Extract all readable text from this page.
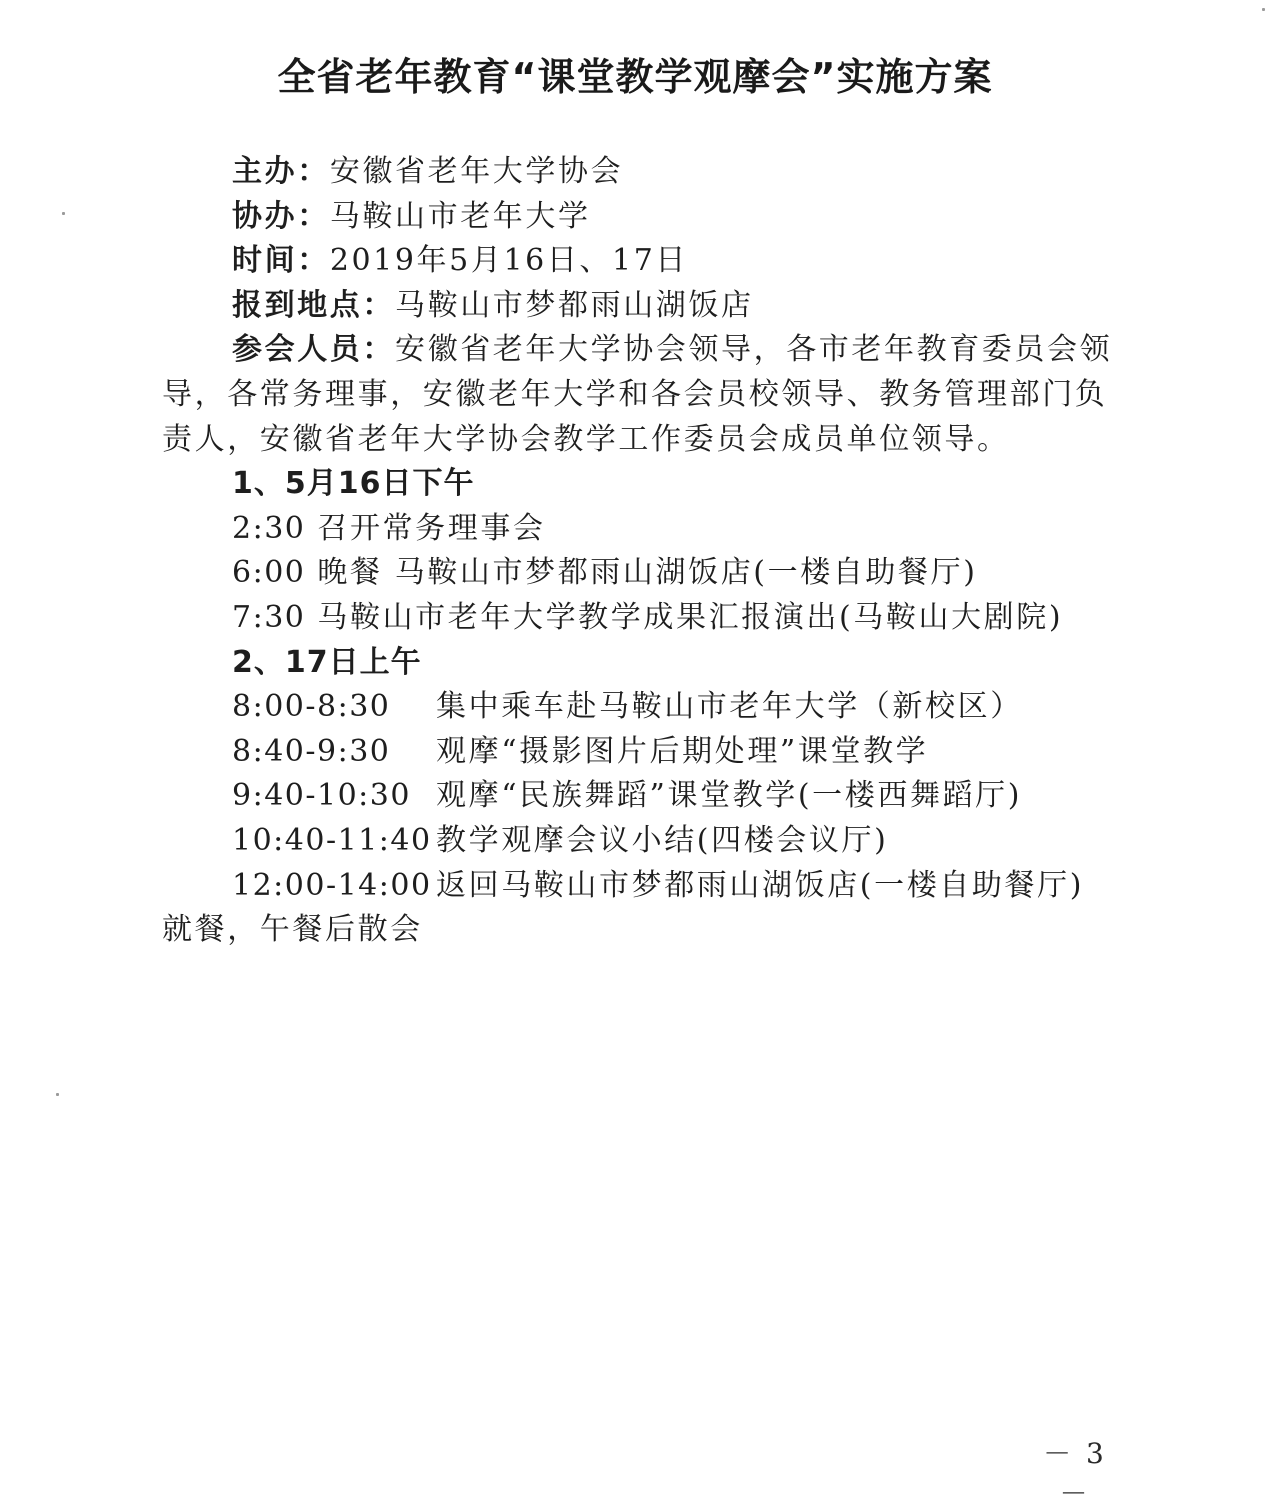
全省老年教育“课堂教学观摩会”实施方案
主办：安徽省老年大学协会
协办：马鞍山市老年大学
时间：2019年5月16日、17日
报到地点：马鞍山市梦都雨山湖饭店
参会人员：安徽省老年大学协会领导，各市老年教育委员会领导，各常务理事，安徽老年大学和各会员校领导、教务管理部门负责人，安徽省老年大学协会教学工作委员会成员单位领导。
1、5月16日下午
2:30 召开常务理事会
6:00 晚餐 马鞍山市梦都雨山湖饭店(一楼自助餐厅)
7:30 马鞍山市老年大学教学成果汇报演出(马鞍山大剧院)
2、17日上午
8:00-8:30 集中乘车赴马鞍山市老年大学（新校区）
8:40-9:30 观摩“摄影图片后期处理”课堂教学
9:40-10:30 观摩“民族舞蹈”课堂教学(一楼西舞蹈厅)
10:40-11:40 教学观摩会议小结(四楼会议厅)
12:00-14:00 返回马鞍山市梦都雨山湖饭店(一楼自助餐厅)
就餐，午餐后散会
－ 3 －
